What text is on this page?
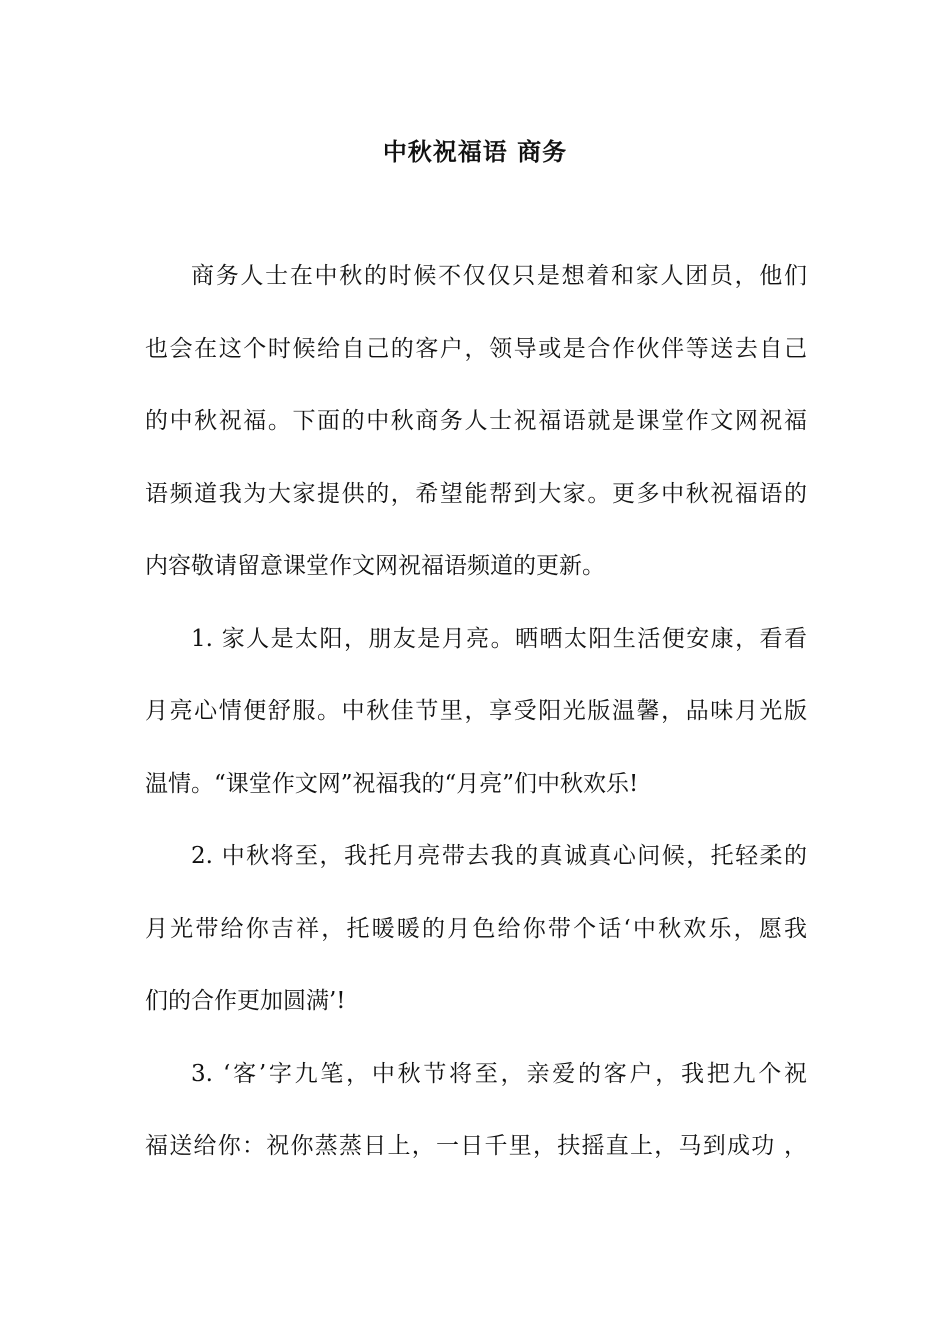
中秋祝福语 商务
商务人士在中秋的时候不仅仅只是想着和家人团员，他们
也会在这个时候给自己的客户，领导或是合作伙伴等送去自己
的中秋祝福。下面的中秋商务人士祝福语就是课堂作文网祝福
语频道我为大家提供的，希望能帮到大家。更多中秋祝福语的
内容敬请留意课堂作文网祝福语频道的更新。
1. 家人是太阳，朋友是月亮。晒晒太阳生活便安康，看看
月亮心情便舒服。中秋佳节里，享受阳光版温馨，品味月光版
温情。“课堂作文网”祝福我的“月亮”们中秋欢乐!
2. 中秋将至，我托月亮带去我的真诚真心问候，托轻柔的
月光带给你吉祥，托暖暖的月色给你带个话‘中秋欢乐，愿我
们的合作更加圆满’!
3. ‘客’字九笔，中秋节将至，亲爱的客户，我把九个祝
福送给你：祝你蒸蒸日上，一日千里，扶摇直上，马到成功 ，
